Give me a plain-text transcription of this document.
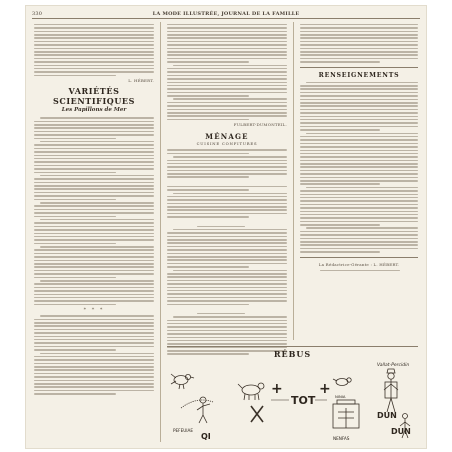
330	LA MODE ILLUSTRÉE, JOURNAL DE LA FAMILLE
L. HÉBERT.
VARIÉTÉS SCIENTIFIQUES
Les Papillons de Mer
* * *
FULBERT-DUMONTEIL.
MÉNAGE
CUISINE CONFITURES
RENSEIGNEMENTS
La Rédactrice-Gérante : L. HÉBERT.
RÉBUS
PEFEUIAE
QI
+
TOT
+
DUN
DUN
NENFAS
NINIA
Vallat-Percidin
